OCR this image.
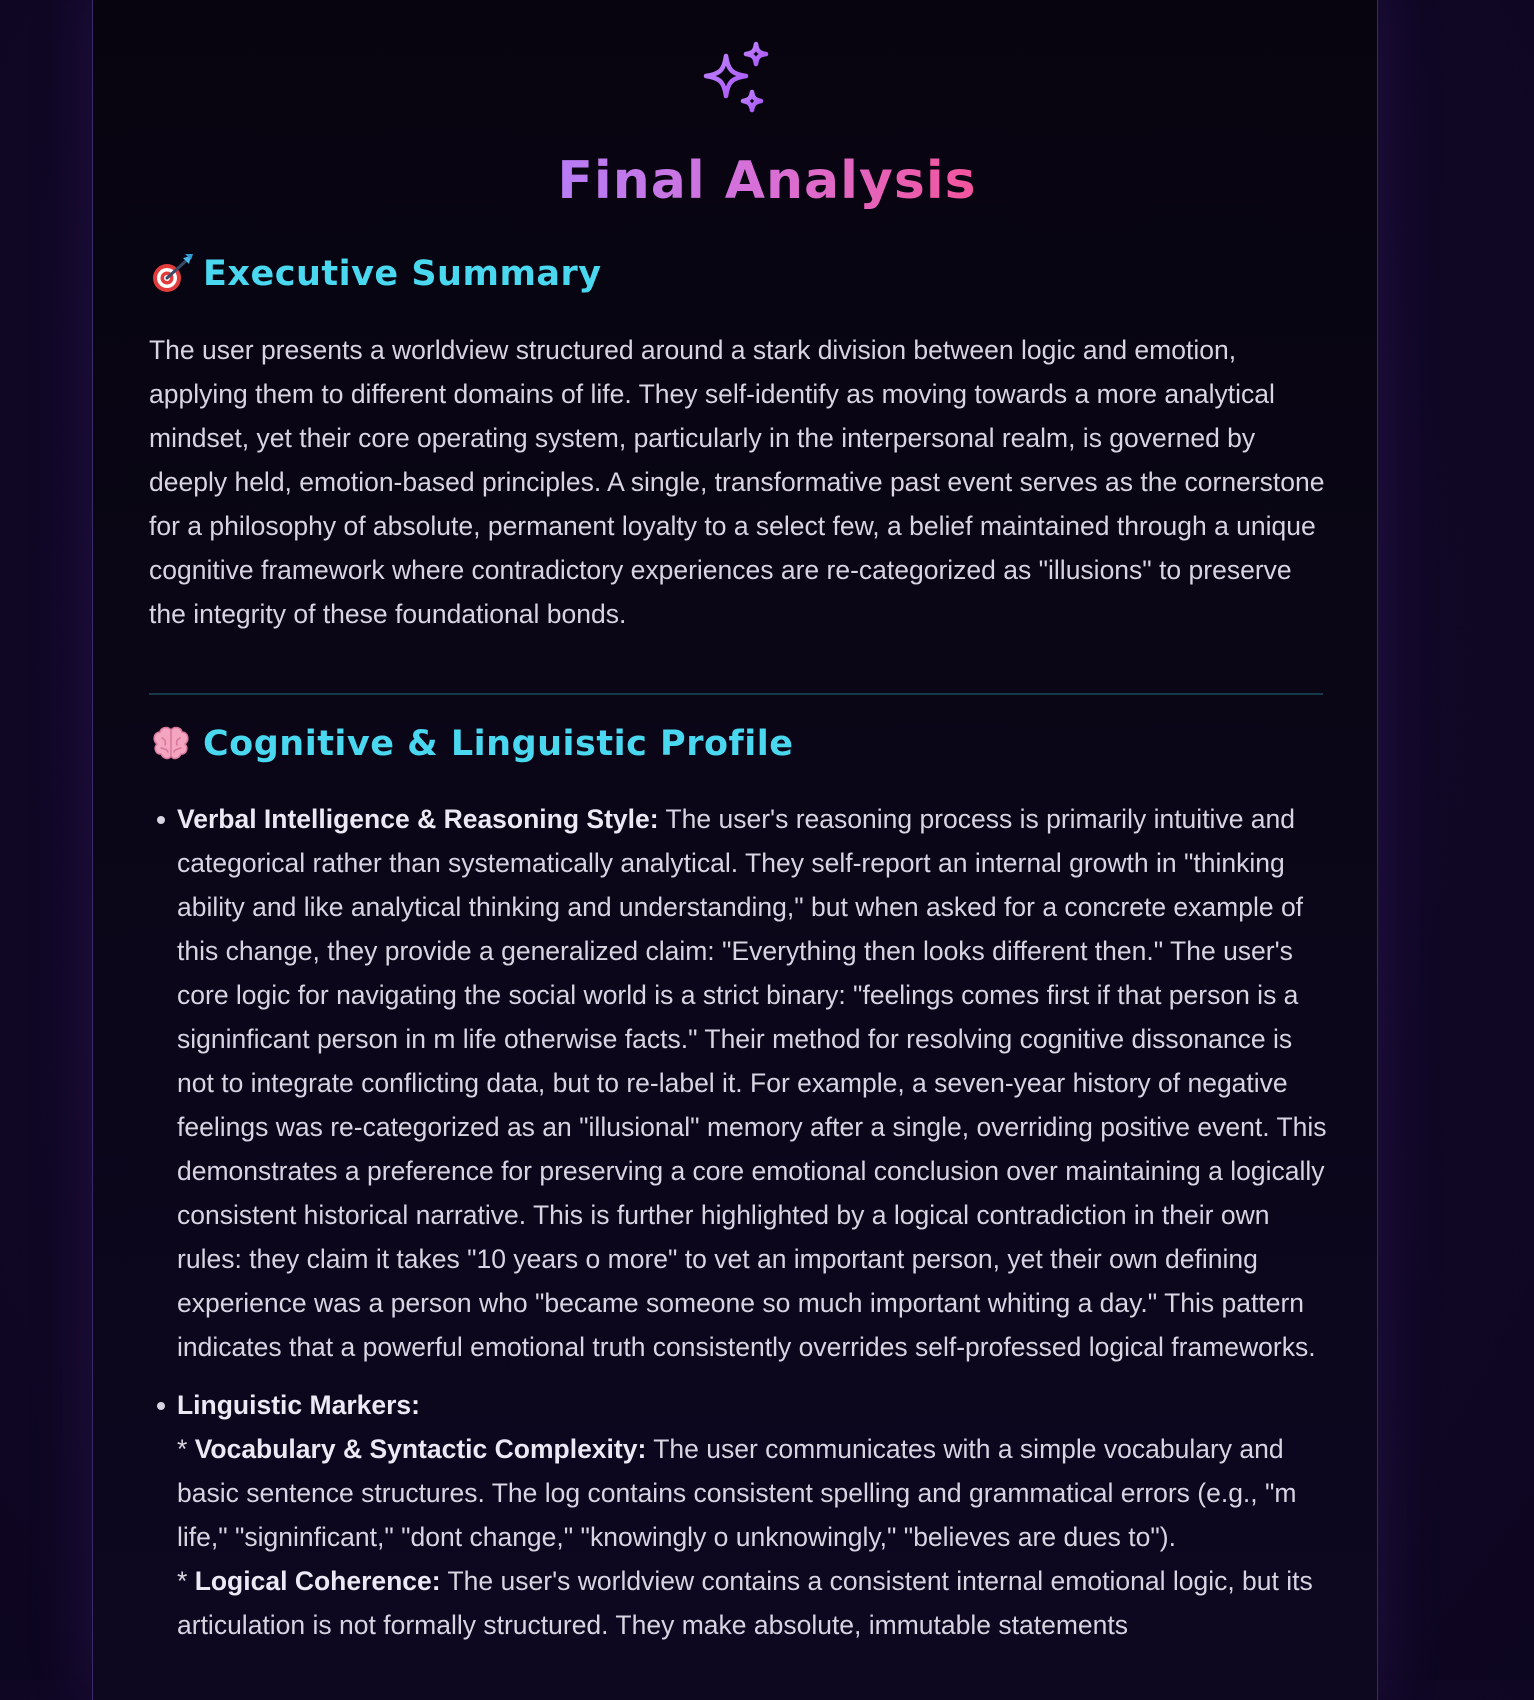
Final Analysis
Executive Summary

The user presents a worldview structured around a stark division between logic and emotion, applying them to different domains of life. They self-identify as moving towards a more analytical mindset, yet their core operating system, particularly in the interpersonal realm, is governed by deeply held, emotion-based principles. A single, transformative past event serves as the cornerstone for a philosophy of absolute, permanent loyalty to a select few, a belief maintained through a unique cognitive framework where contradictory experiences are re-categorized as "illusions" to preserve the integrity of these foundational bonds.

Cognitive & Linguistic Profile
Verbal Intelligence & Reasoning Style: The user's reasoning process is primarily intuitive and categorical rather than systematically analytical. They self-report an internal growth in "thinking ability and like analytical thinking and understanding," but when asked for a concrete example of this change, they provide a generalized claim: "Everything then looks different then." The user's core logic for navigating the social world is a strict binary: "feelings comes first if that person is a signinficant person in m life otherwise facts." Their method for resolving cognitive dissonance is not to integrate conflicting data, but to re-label it. For example, a seven-year history of negative feelings was re-categorized as an "illusional" memory after a single, overriding positive event. This demonstrates a preference for preserving a core emotional conclusion over maintaining a logically consistent historical narrative. This is further highlighted by a logical contradiction in their own rules: they claim it takes "10 years o more" to vet an important person, yet their own defining experience was a person who "became someone so much important whiting a day." This pattern indicates that a powerful emotional truth consistently overrides self-professed logical frameworks.
Linguistic Markers:
* Vocabulary & Syntactic Complexity: The user communicates with a simple vocabulary and basic sentence structures. The log contains consistent spelling and grammatical errors (e.g., "m life," "signinficant," "dont change," "knowingly o unknowingly," "believes are dues to").
* Logical Coherence: The user's worldview contains a consistent internal emotional logic, but its articulation is not formally structured. They make absolute, immutable statements
